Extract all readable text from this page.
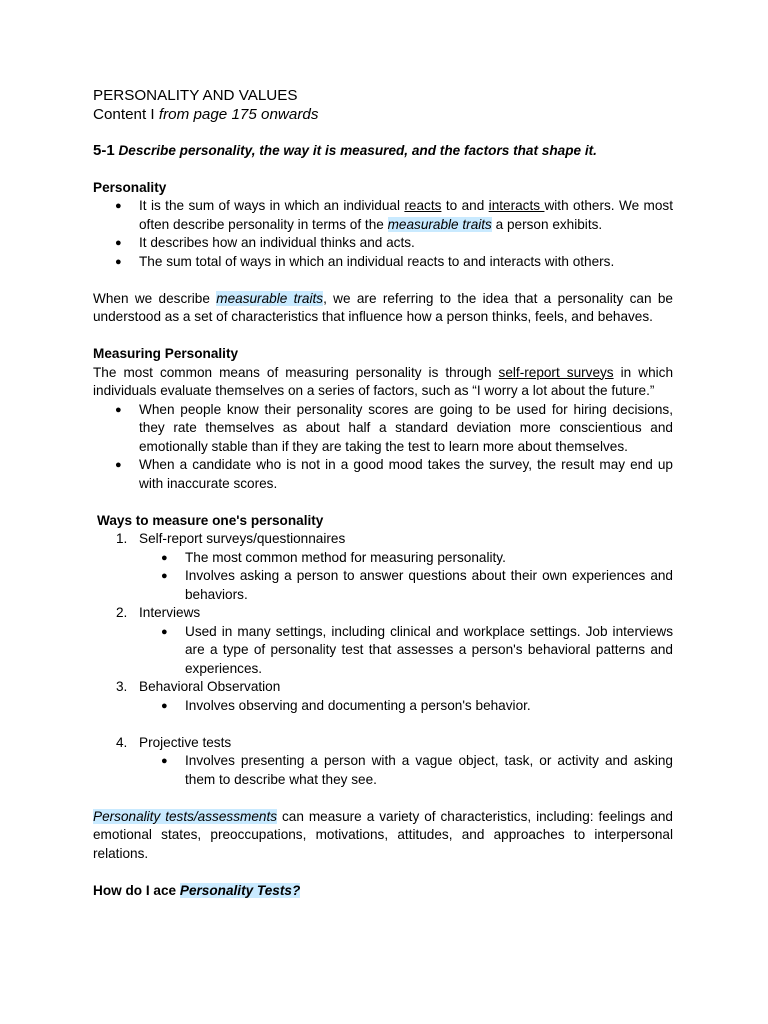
PERSONALITY AND VALUES
Content I from page 175 onwards
5-1 Describe personality, the way it is measured, and the factors that shape it.
Personality
● It is the sum of ways in which an individual reacts to and interacts with others. We most often describe personality in terms of the measurable traits a person exhibits.
● It describes how an individual thinks and acts.
● The sum total of ways in which an individual reacts to and interacts with others.
When we describe measurable traits, we are referring to the idea that a personality can be understood as a set of characteristics that influence how a person thinks, feels, and behaves.
Measuring Personality
The most common means of measuring personality is through self-report surveys in which individuals evaluate themselves on a series of factors, such as “I worry a lot about the future.”
● When people know their personality scores are going to be used for hiring decisions, they rate themselves as about half a standard deviation more conscientious and emotionally stable than if they are taking the test to learn more about themselves.
● When a candidate who is not in a good mood takes the survey, the result may end up with inaccurate scores.
Ways to measure one's personality
1. Self-report surveys/questionnaires
● The most common method for measuring personality.
● Involves asking a person to answer questions about their own experiences and behaviors.
2. Interviews
● Used in many settings, including clinical and workplace settings. Job interviews are a type of personality test that assesses a person's behavioral patterns and experiences.
3. Behavioral Observation
● Involves observing and documenting a person's behavior.
4. Projective tests
● Involves presenting a person with a vague object, task, or activity and asking them to describe what they see.
Personality tests/assessments can measure a variety of characteristics, including: feelings and emotional states, preoccupations, motivations, attitudes, and approaches to interpersonal relations.
How do I ace Personality Tests?
